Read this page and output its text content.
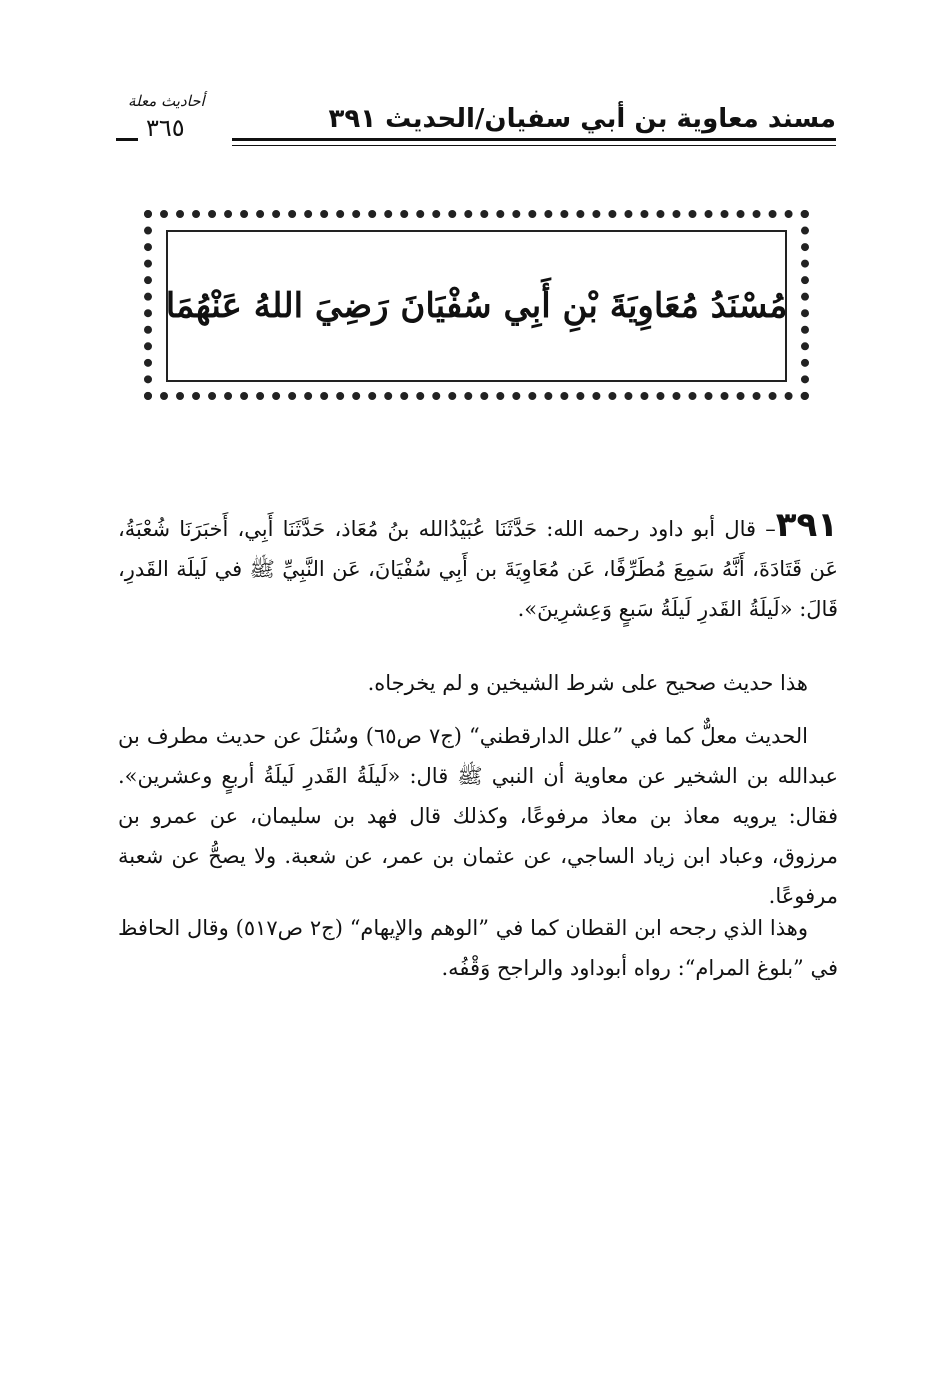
مسند معاوية بن أبي سفيان/الحديث ٣٩١
أحاديث معلة
٣٦٥
مُسْنَدُ مُعَاوِيَةَ بْنِ أَبِي سُفْيَانَ رَضِيَ اللهُ عَنْهُمَا
٣٩١– قال أبو داود رحمه الله: حَدَّثَنَا عُبَيْدُالله بنُ مُعَاذ، حَدَّثَنَا أَبِي، أَخبَرَنَا شُعْبَةُ، عَن قَتَادَةَ، أَنَّهُ سَمِعَ مُطَرِّفًا، عَن مُعَاوِيَةَ بن أَبِي سُفْيَانَ، عَن النَّبِيِّ ﷺ في لَيلَة القَدرِ، قَالَ: «لَيلَةُ القَدرِ لَيلَةُ سَبعٍ وَعِشرِينَ».
هذا حديث صحيح على شرط الشيخين و لم يخرجاه.

الحديث معلٌّ كما في ”علل الدارقطني“ (ج٧ ص٦٥) وسُئلَ عن حديث مطرف بن عبدالله بن الشخير عن معاوية أن النبي ﷺ قال: «لَيلَةُ القَدرِ لَيلَةُ أربعٍ وعشرين». فقال: يرويه معاذ بن معاذ مرفوعًا، وكذلك قال فهد بن سليمان، عن عمرو بن مرزوق، وعباد ابن زياد الساجي، عن عثمان بن عمر، عن شعبة. ولا يصحُّ عن شعبة مرفوعًا.

وهذا الذي رجحه ابن القطان كما في ”الوهم والإيهام“ (ج٢ ص٥١٧) وقال الحافظ في ”بلوغ المرام“: رواه أبوداود والراجح وَقْفُه.
